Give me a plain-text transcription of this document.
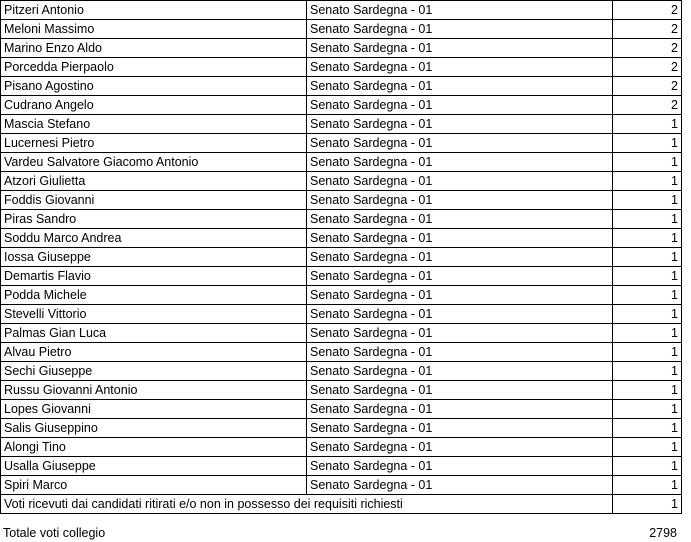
Pitzeri Antonio	Senato Sardegna - 01	2
Meloni Massimo	Senato Sardegna - 01	2
Marino Enzo Aldo	Senato Sardegna - 01	2
Porcedda Pierpaolo	Senato Sardegna - 01	2
Pisano Agostino	Senato Sardegna - 01	2
Cudrano Angelo	Senato Sardegna - 01	2
Mascia Stefano	Senato Sardegna - 01	1
Lucernesi Pietro	Senato Sardegna - 01	1
Vardeu Salvatore Giacomo Antonio	Senato Sardegna - 01	1
Atzori Giulietta	Senato Sardegna - 01	1
Foddis Giovanni	Senato Sardegna - 01	1
Piras Sandro	Senato Sardegna - 01	1
Soddu Marco Andrea	Senato Sardegna - 01	1
Iossa Giuseppe	Senato Sardegna - 01	1
Demartis Flavio	Senato Sardegna - 01	1
Podda Michele	Senato Sardegna - 01	1
Stevelli Vittorio	Senato Sardegna - 01	1
Palmas Gian Luca	Senato Sardegna - 01	1
Alvau Pietro	Senato Sardegna - 01	1
Sechi Giuseppe	Senato Sardegna - 01	1
Russu Giovanni Antonio	Senato Sardegna - 01	1
Lopes Giovanni	Senato Sardegna - 01	1
Salis Giuseppino	Senato Sardegna - 01	1
Alongi Tino	Senato Sardegna - 01	1
Usalla Giuseppe	Senato Sardegna - 01	1
Spiri Marco	Senato Sardegna - 01	1
Voti ricevuti dai candidati ritirati e/o non in possesso dei requisiti richiesti		1
Totale voti collegio	2798
